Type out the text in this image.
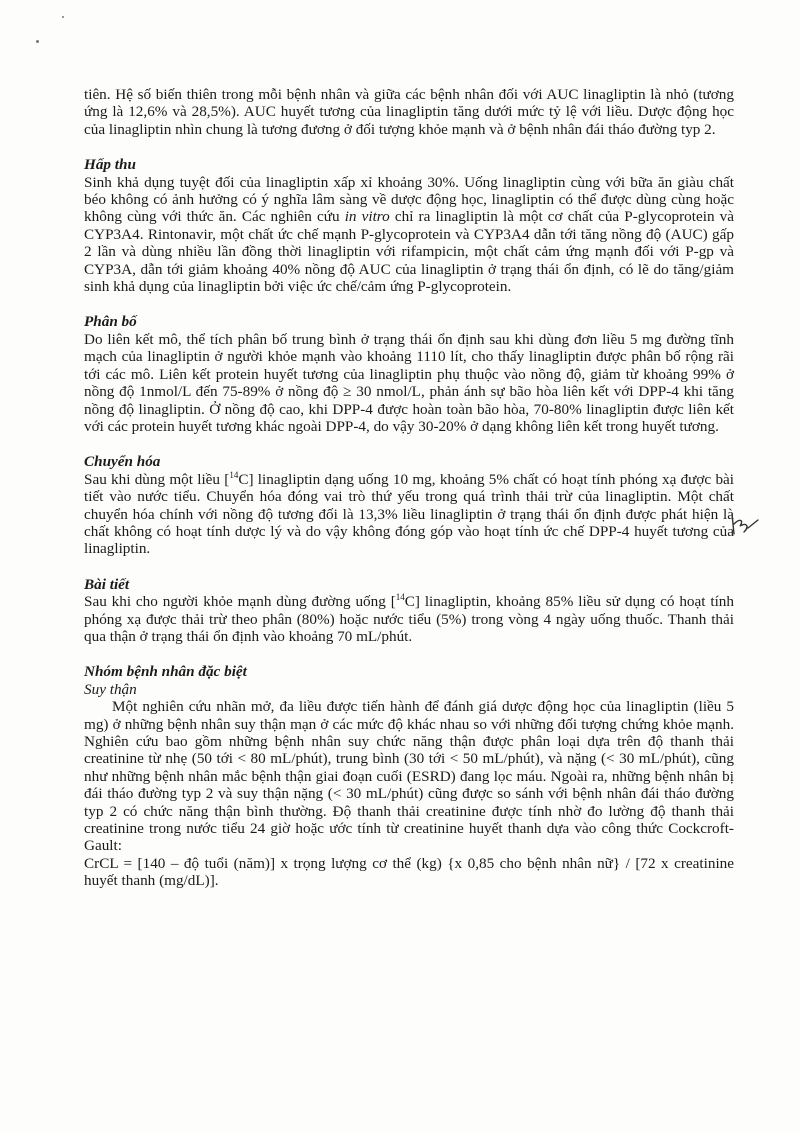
tiên. Hệ số biến thiên trong mỗi bệnh nhân và giữa các bệnh nhân đối với AUC linagliptin là nhỏ (tương ứng là 12,6% và 28,5%). AUC huyết tương của linagliptin tăng dưới mức tỷ lệ với liều. Dược động học của linagliptin nhìn chung là tương đương ở đối tượng khỏe mạnh và ở bệnh nhân đái tháo đường typ 2.

Hấp thu

Sinh khả dụng tuyệt đối của linagliptin xấp xỉ khoảng 30%. Uống linagliptin cùng với bữa ăn giàu chất béo không có ảnh hưởng có ý nghĩa lâm sàng về dược động học, linagliptin có thể được dùng cùng hoặc không cùng với thức ăn. Các nghiên cứu in vitro chỉ ra linagliptin là một cơ chất của P-glycoprotein và CYP3A4. Rintonavir, một chất ức chế mạnh P-glycoprotein và CYP3A4 dẫn tới tăng nồng độ (AUC) gấp 2 lần và dùng nhiều lần đồng thời linagliptin với rifampicin, một chất cảm ứng mạnh đối với P-gp và CYP3A, dẫn tới giảm khoảng 40% nồng độ AUC của linagliptin ở trạng thái ổn định, có lẽ do tăng/giảm sinh khả dụng của linagliptin bởi việc ức chế/cảm ứng P-glycoprotein.

Phân bố

Do liên kết mô, thể tích phân bố trung bình ở trạng thái ổn định sau khi dùng đơn liều 5 mg đường tĩnh mạch của linagliptin ở người khỏe mạnh vào khoảng 1110 lít, cho thấy linagliptin được phân bố rộng rãi tới các mô. Liên kết protein huyết tương của linagliptin phụ thuộc vào nồng độ, giảm từ khoảng 99% ở nồng độ 1nmol/L đến 75-89% ở nồng độ ≥ 30 nmol/L, phản ánh sự bão hòa liên kết với DPP-4 khi tăng nồng độ linagliptin. Ở nồng độ cao, khi DPP-4 được hoàn toàn bão hòa, 70-80% linagliptin được liên kết với các protein huyết tương khác ngoài DPP-4, do vậy 30-20% ở dạng không liên kết trong huyết tương.

Chuyển hóa

Sau khi dùng một liều [$^{14}$C] linagliptin dạng uống 10 mg, khoảng 5% chất có hoạt tính phóng xạ được bài tiết vào nước tiểu. Chuyển hóa đóng vai trò thứ yếu trong quá trình thải trừ của linagliptin. Một chất chuyển hóa chính với nồng độ tương đối là 13,3% liều linagliptin ở trạng thái ổn định được phát hiện là chất không có hoạt tính dược lý và do vậy không đóng góp vào hoạt tính ức chế DPP-4 huyết tương của linagliptin.

Bài tiết

Sau khi cho người khỏe mạnh dùng đường uống [$^{14}$C] linagliptin, khoảng 85% liều sử dụng có hoạt tính phóng xạ được thải trừ theo phân (80%) hoặc nước tiểu (5%) trong vòng 4 ngày uống thuốc. Thanh thải qua thận ở trạng thái ổn định vào khoảng 70 mL/phút.

Nhóm bệnh nhân đặc biệt
Suy thận

Một nghiên cứu nhãn mở, đa liều được tiến hành để đánh giá dược động học của linagliptin (liều 5 mg) ở những bệnh nhân suy thận mạn ở các mức độ khác nhau so với những đối tượng chứng khỏe mạnh. Nghiên cứu bao gồm những bệnh nhân suy chức năng thận được phân loại dựa trên độ thanh thải creatinine từ nhẹ (50 tới < 80 mL/phút), trung bình (30 tới < 50 mL/phút), và nặng (< 30 mL/phút), cũng như những bệnh nhân mắc bệnh thận giai đoạn cuối (ESRD) đang lọc máu. Ngoài ra, những bệnh nhân bị đái tháo đường typ 2 và suy thận nặng (< 30 mL/phút) cũng được so sánh với bệnh nhân đái tháo đường typ 2 có chức năng thận bình thường. Độ thanh thải creatinine được tính nhờ đo lường độ thanh thải creatinine trong nước tiểu 24 giờ hoặc ước tính từ creatinine huyết thanh dựa vào công thức Cockcroft-Gault:

CrCL = [140 – độ tuổi (năm)] x trọng lượng cơ thể (kg) {x 0,85 cho bệnh nhân nữ} / [72 x creatinine huyết thanh (mg/dL)].
